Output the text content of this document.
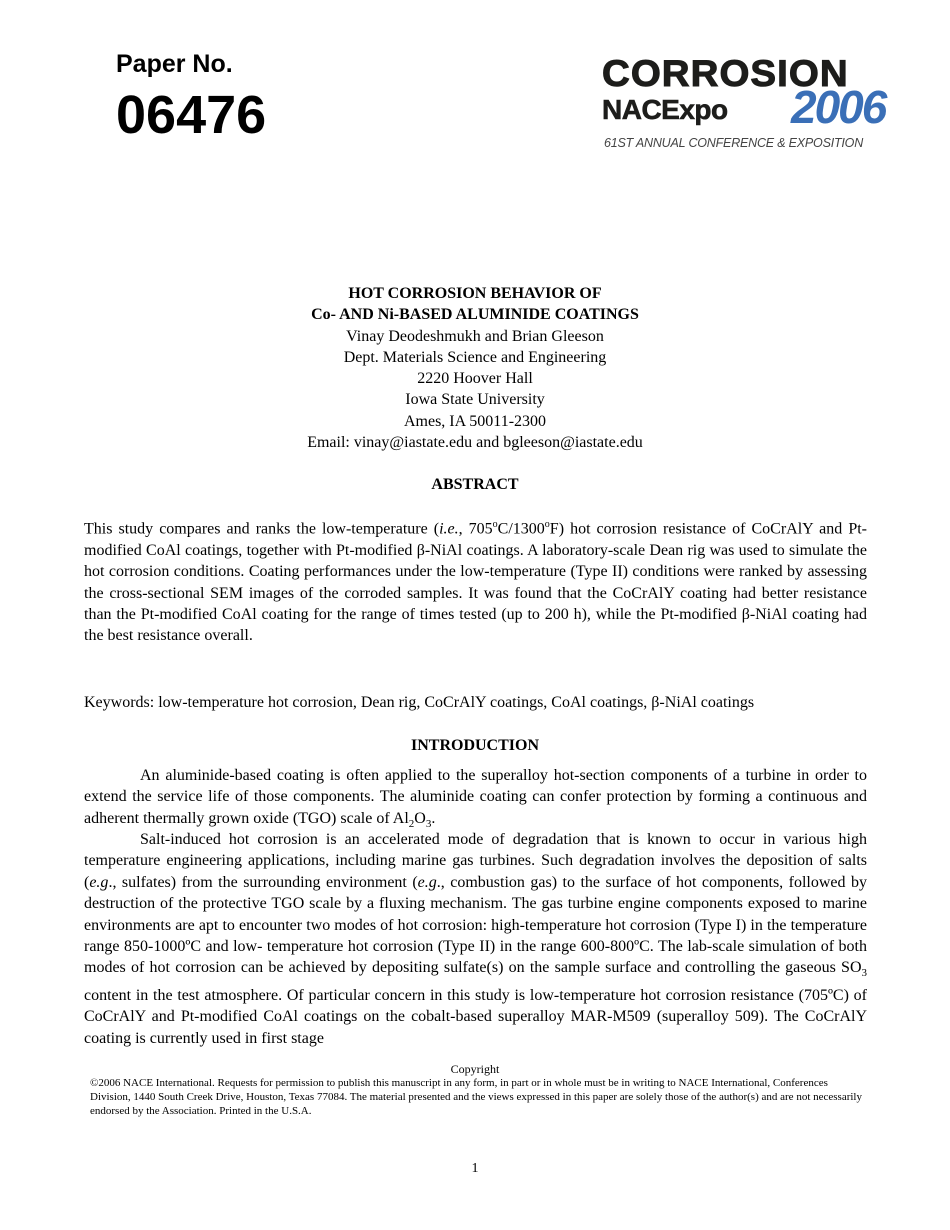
Paper No.
06476
CORROSION
NACExpo 2006
61ST ANNUAL CONFERENCE & EXPOSITION
HOT CORROSION BEHAVIOR OF
Co- AND Ni-BASED ALUMINIDE COATINGS
Vinay Deodeshmukh and Brian Gleeson
Dept. Materials Science and Engineering
2220 Hoover Hall
Iowa State University
Ames, IA 50011-2300
Email: vinay@iastate.edu and bgleeson@iastate.edu
ABSTRACT

This study compares and ranks the low-temperature (i.e., 705$^o$C/1300$^o$F) hot corrosion resistance of CoCrAlY and Pt-modified CoAl coatings, together with Pt-modified β-NiAl coatings. A laboratory-scale Dean rig was used to simulate the hot corrosion conditions. Coating performances under the low-temperature (Type II) conditions were ranked by assessing the cross-sectional SEM images of the corroded samples. It was found that the CoCrAlY coating had better resistance than the Pt-modified CoAl coating for the range of times tested (up to 200 h), while the Pt-modified β-NiAl coating had the best resistance overall.

Keywords: low-temperature hot corrosion, Dean rig, CoCrAlY coatings, CoAl coatings, β-NiAl coatings

INTRODUCTION

An aluminide-based coating is often applied to the superalloy hot-section components of a turbine in order to extend the service life of those components. The aluminide coating can confer protection by forming a continuous and adherent thermally grown oxide (TGO) scale of $Al_2O_3$.

Salt-induced hot corrosion is an accelerated mode of degradation that is known to occur in various high temperature engineering applications, including marine gas turbines. Such degradation involves the deposition of salts (e.g., sulfates) from the surrounding environment (e.g., combustion gas) to the surface of hot components, followed by destruction of the protective TGO scale by a fluxing mechanism. The gas turbine engine components exposed to marine environments are apt to encounter two modes of hot corrosion: high-temperature hot corrosion (Type I) in the temperature range 850-1000ºC and low- temperature hot corrosion (Type II) in the range 600-800ºC. The lab-scale simulation of both modes of hot corrosion can be achieved by depositing sulfate(s) on the sample surface and controlling the gaseous $SO_3$ content in the test atmosphere. Of particular concern in this study is low-temperature hot corrosion resistance (705ºC) of CoCrAlY and Pt-modified CoAl coatings on the cobalt-based superalloy MAR-M509 (superalloy 509). The CoCrAlY coating is currently used in first stage

Copyright

©2006 NACE International. Requests for permission to publish this manuscript in any form, in part or in whole must be in writing to NACE International, Conferences Division, 1440 South Creek Drive, Houston, Texas 77084. The material presented and the views expressed in this paper are solely those of the author(s) and are not necessarily endorsed by the Association. Printed in the U.S.A.

1
